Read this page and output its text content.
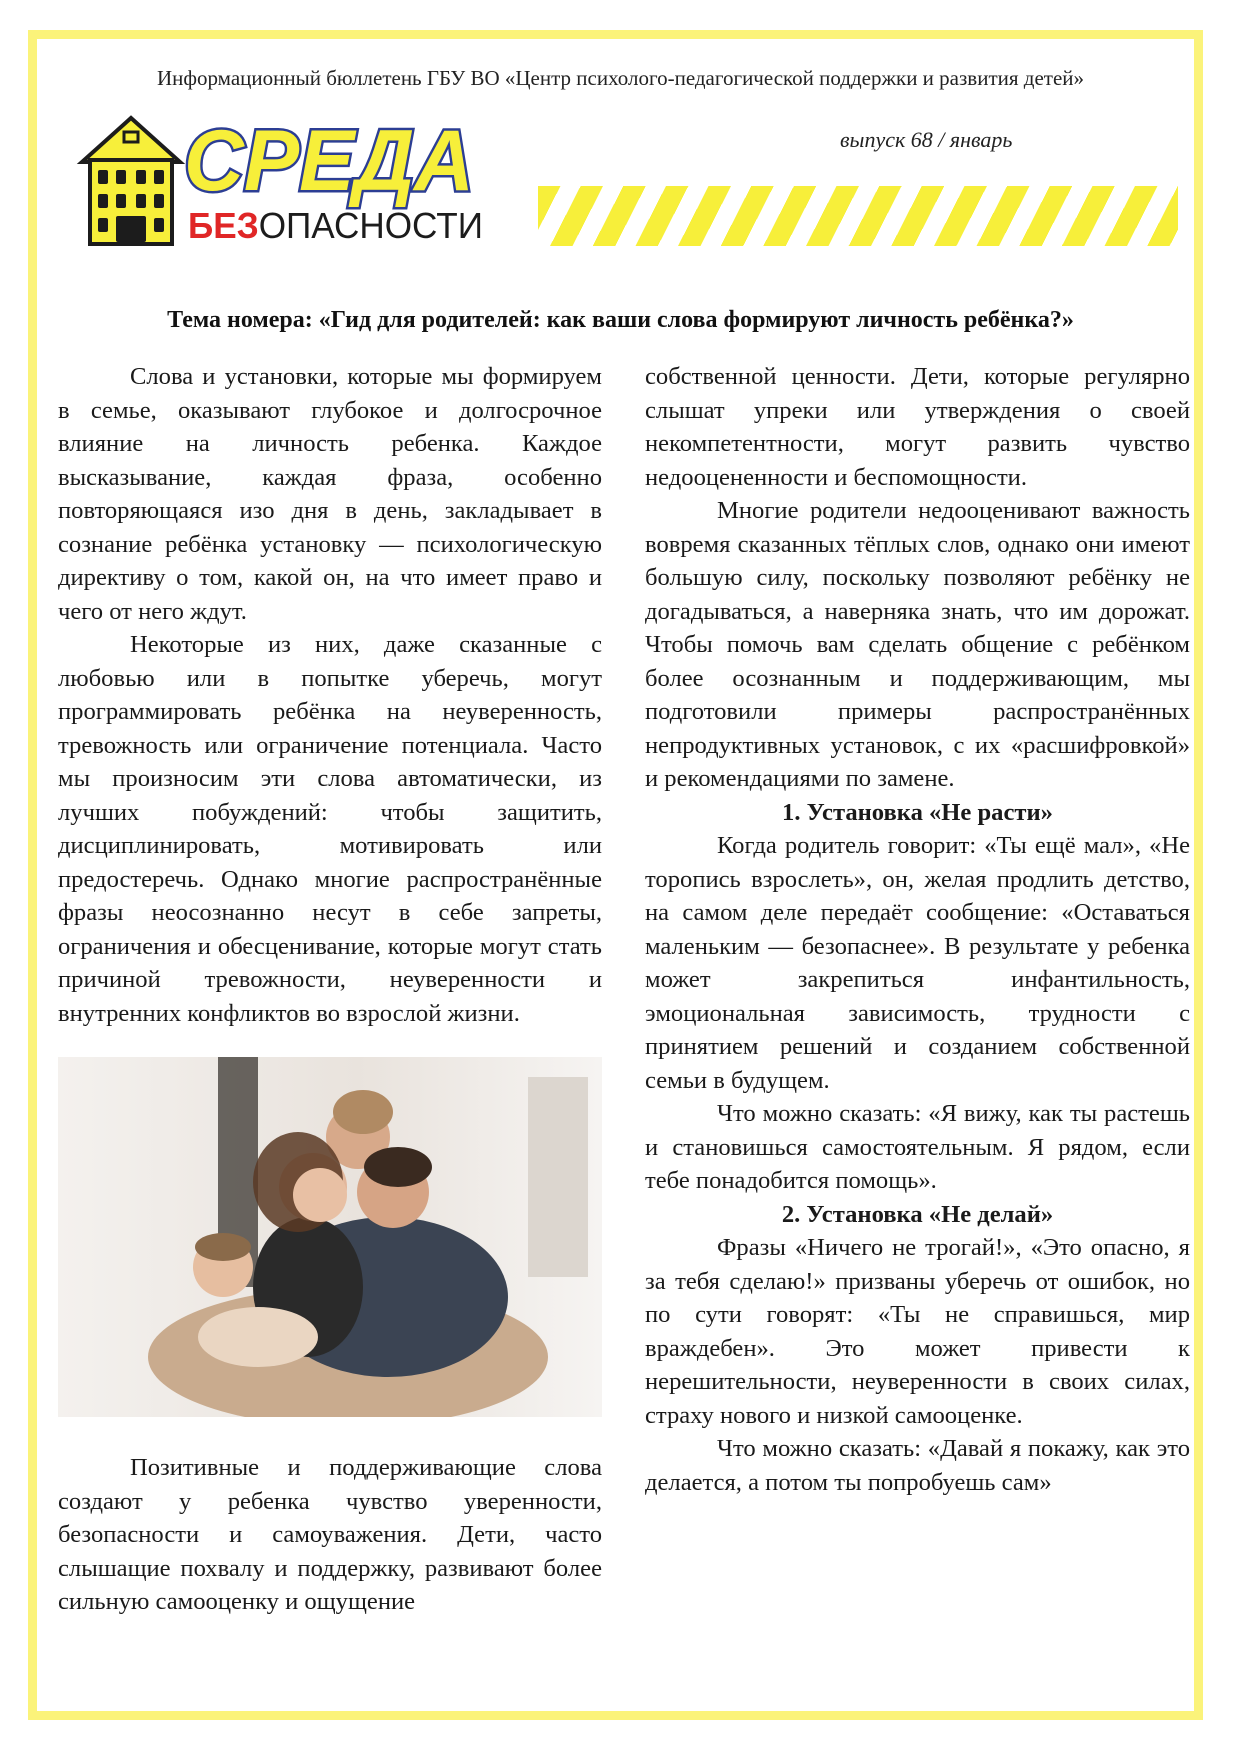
Информационный бюллетень ГБУ ВО «Центр психолого-педагогической поддержки и развития детей»
СРЕДА
БЕЗОПАСНОСТИ
выпуск 68 / январь
Тема номера: «Гид для родителей: как ваши слова формируют личность ребёнка?»

Слова и установки, которые мы формируем в семье, оказывают глубокое и долгосрочное влияние на личность ребенка. Каждое высказывание, каждая фраза, особенно повторяющаяся изо дня в день, закладывает в сознание ребёнка установку — психологическую директиву о том, какой он, на что имеет право и чего от него ждут.

Некоторые из них, даже сказанные с любовью или в попытке уберечь, могут программировать ребёнка на неуверенность, тревожность или ограничение потенциала. Часто мы произносим эти слова автоматически, из лучших побуждений: чтобы защитить, дисциплинировать, мотивировать или предостеречь. Однако многие распространённые фразы неосознанно несут в себе запреты, ограничения и обесценивание, которые могут стать причиной тревожности, неуверенности и внутренних конфликтов во взрослой жизни.

Позитивные и поддерживающие слова создают у ребенка чувство уверенности, безопасности и самоуважения. Дети, часто слышащие похвалу и поддержку, развивают более сильную самооценку и ощущение

собственной ценности. Дети, которые регулярно слышат упреки или утверждения о своей некомпетентности, могут развить чувство недооцененности и беспомощности.

Многие родители недооценивают важность вовремя сказанных тёплых слов, однако они имеют большую силу, поскольку позволяют ребёнку не догадываться, а наверняка знать, что им дорожат. Чтобы помочь вам сделать общение с ребёнком более осознанным и поддерживающим, мы подготовили примеры распространённых непродуктивных установок, с их «расшифровкой» и рекомендациями по замене.

1. Установка «Не расти»

Когда родитель говорит: «Ты ещё мал», «Не торопись взрослеть», он, желая продлить детство, на самом деле передаёт сообщение: «Оставаться маленьким — безопаснее». В результате у ребенка может закрепиться инфантильность, эмоциональная зависимость, трудности с принятием решений и созданием собственной семьи в будущем.

Что можно сказать: «Я вижу, как ты растешь и становишься самостоятельным. Я рядом, если тебе понадобится помощь».

2. Установка «Не делай»

Фразы «Ничего не трогай!», «Это опасно, я за тебя сделаю!» призваны уберечь от ошибок, но по сути говорят: «Ты не справишься, мир враждебен». Это может привести к нерешительности, неуверенности в своих силах, страху нового и низкой самооценке.

Что можно сказать: «Давай я покажу, как это делается, а потом ты попробуешь сам»
